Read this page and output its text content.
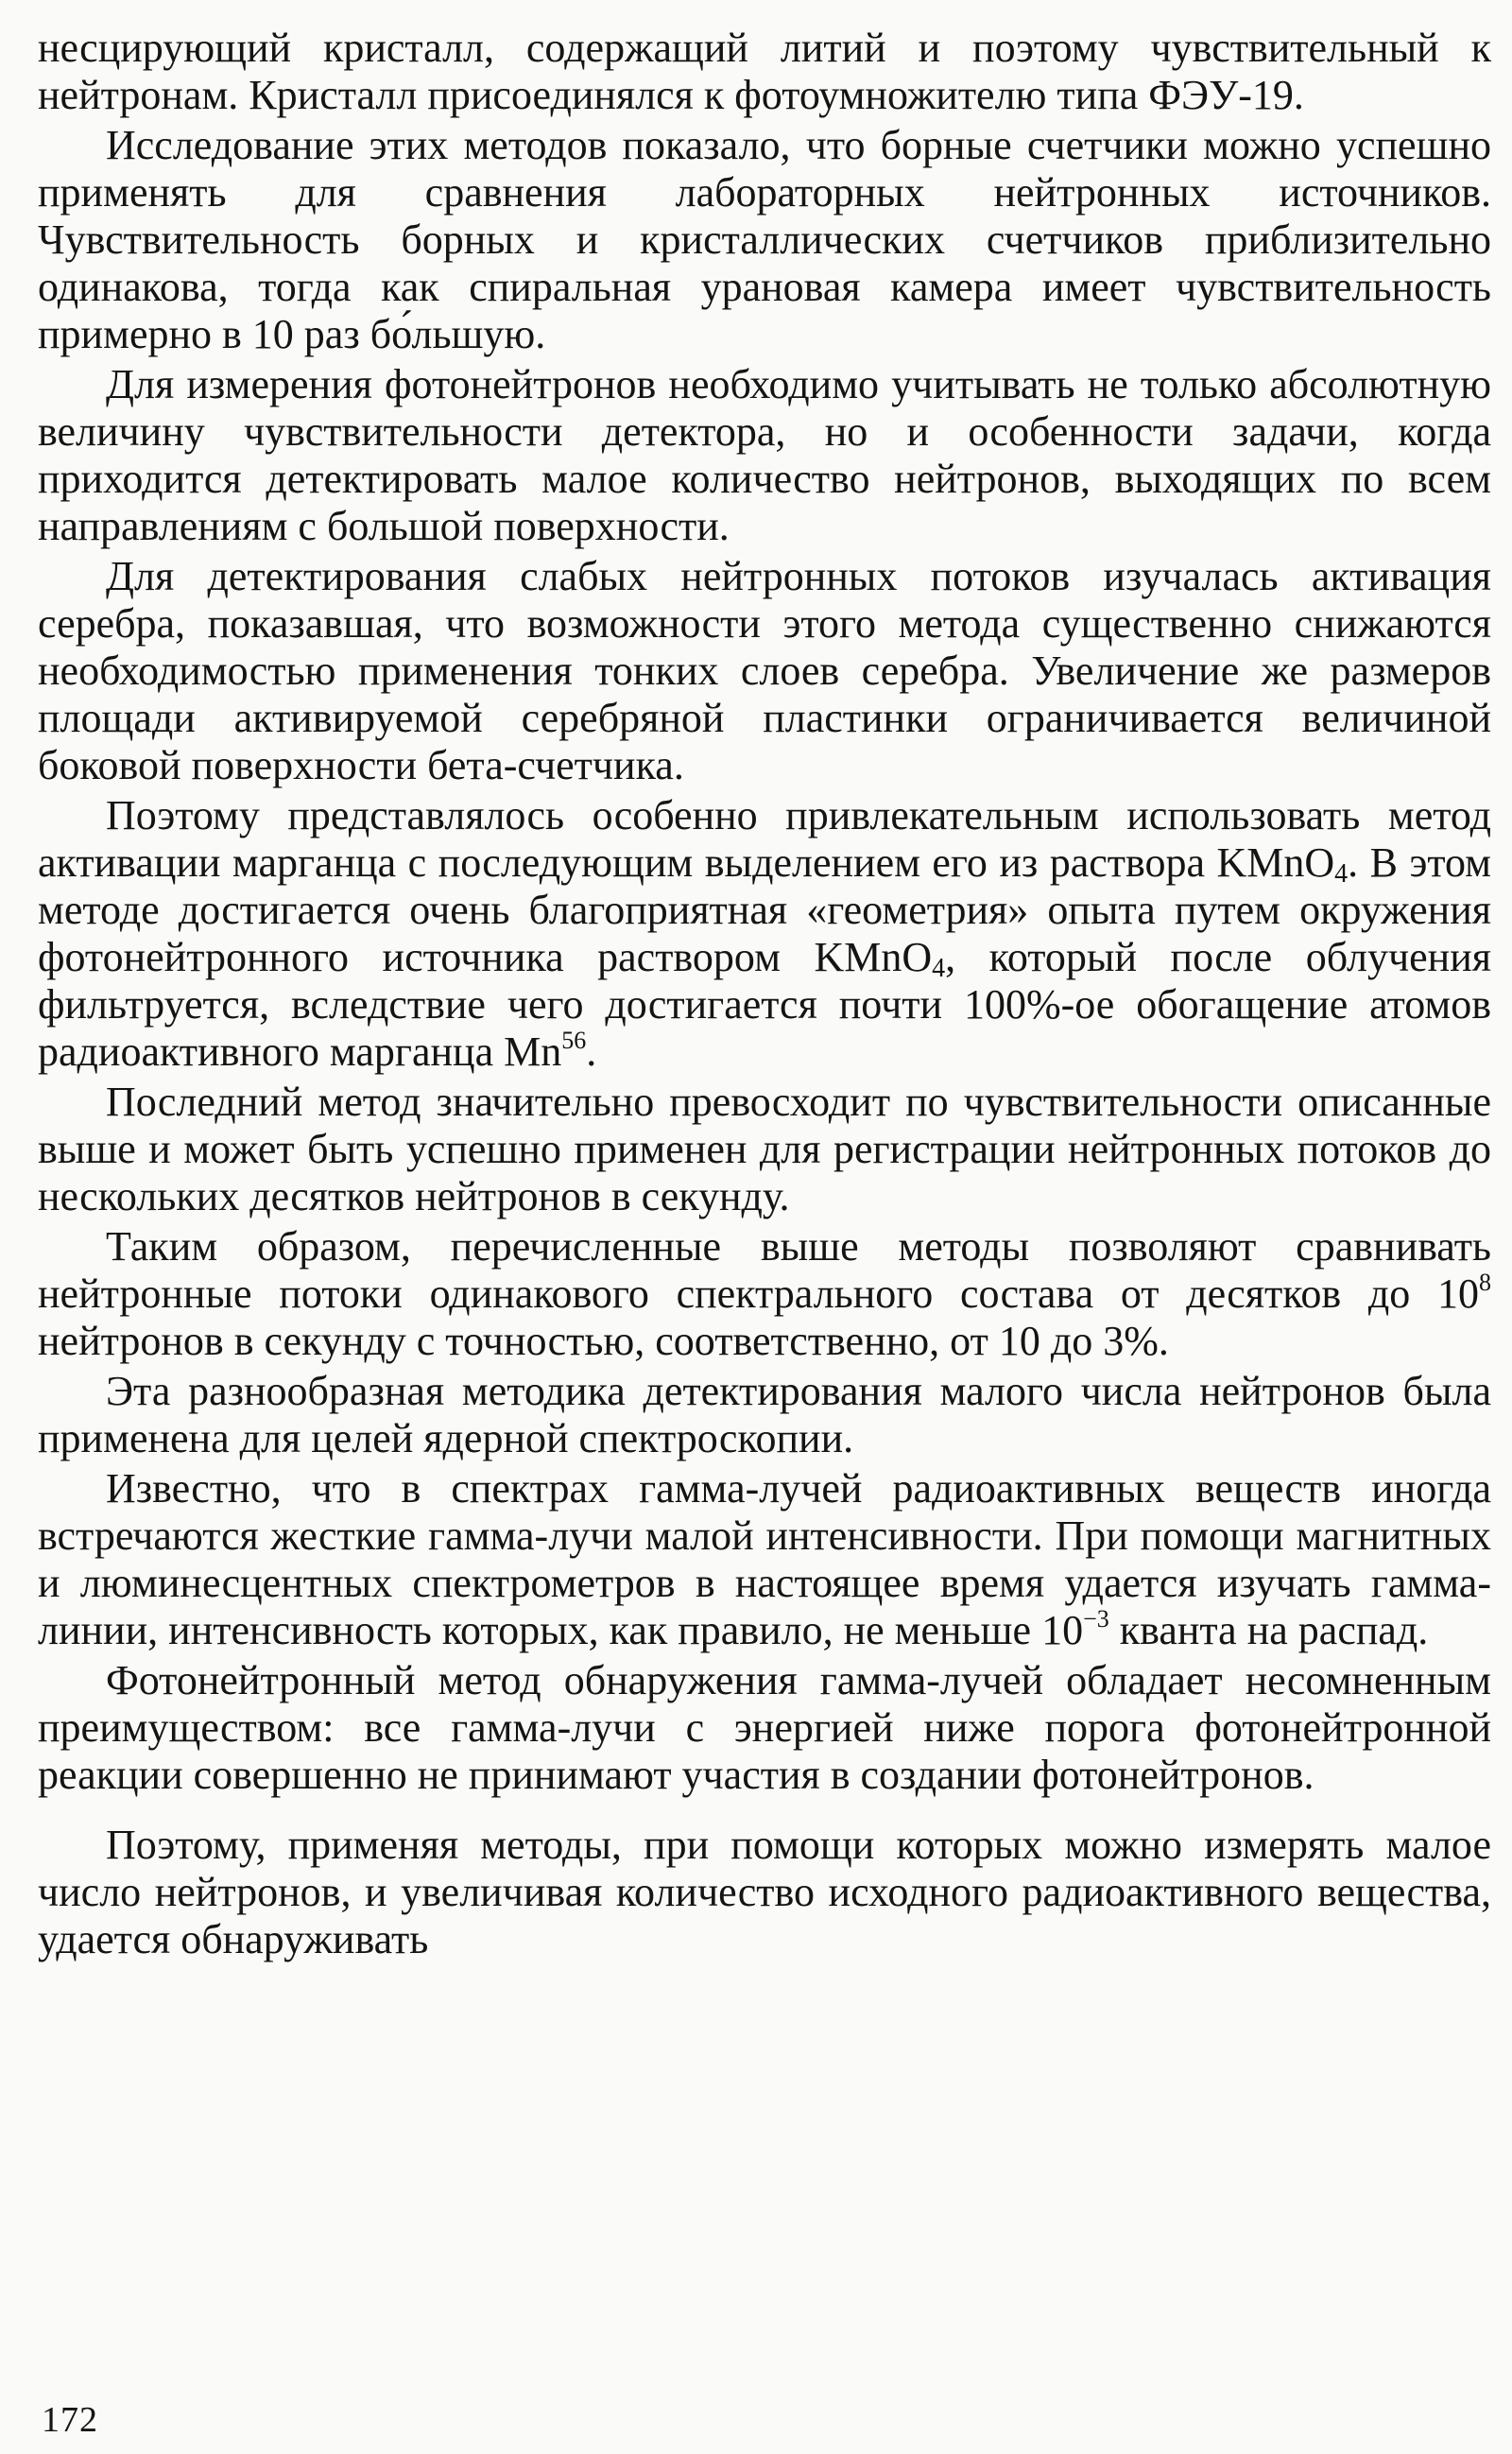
несцирующий кристалл, содержащий литий и поэтому чувствительный к нейтронам. Кристалл присоединялся к фотоумножителю типа ФЭУ-19.

Исследование этих методов показало, что борные счетчики можно успешно применять для сравнения лабораторных нейтронных источников. Чувствительность борных и кристаллических счетчиков приблизительно одинакова, тогда как спиральная урановая камера имеет чувствительность примерно в 10 раз бо́льшую.

Для измерения фотонейтронов необходимо учитывать не только абсолютную величину чувствительности детектора, но и особенности задачи, когда приходится детектировать малое количество нейтронов, выходящих по всем направлениям с большой поверхности.

Для детектирования слабых нейтронных потоков изучалась активация серебра, показавшая, что возможности этого метода существенно снижаются необходимостью применения тонких слоев серебра. Увеличение же размеров площади активируемой серебряной пластинки ограничивается величиной боковой поверхности бета-счетчика.

Поэтому представлялось особенно привлекательным использовать метод активации марганца с последующим выделением его из раствора KMnO$_4$. В этом методе достигается очень благоприятная «геометрия» опыта путем окружения фотонейтронного источника раствором KMnO$_4$, который после облучения фильтруется, вследствие чего достигается почти 100%-ое обогащение атомов радиоактивного марганца Mn$^{56}$.

Последний метод значительно превосходит по чувствительности описанные выше и может быть успешно применен для регистрации нейтронных потоков до нескольких десятков нейтронов в секунду.

Таким образом, перечисленные выше методы позволяют сравнивать нейтронные потоки одинакового спектрального состава от десятков до $10^8$ нейтронов в секунду с точностью, соответственно, от 10 до 3%.

Эта разнообразная методика детектирования малого числа нейтронов была применена для целей ядерной спектроскопии.

Известно, что в спектрах гамма-лучей радиоактивных веществ иногда встречаются жесткие гамма-лучи малой интенсивности. При помощи магнитных и люминесцентных спектрометров в настоящее время удается изучать гамма-линии, интенсивность которых, как правило, не меньше $10^{-3}$ кванта на распад.

Фотонейтронный метод обнаружения гамма-лучей обладает несомненным преимуществом: все гамма-лучи с энергией ниже порога фотонейтронной реакции совершенно не принимают участия в создании фотонейтронов.

Поэтому, применяя методы, при помощи которых можно измерять малое число нейтронов, и увеличивая количество исходного радиоактивного вещества, удается обнаруживать

172
